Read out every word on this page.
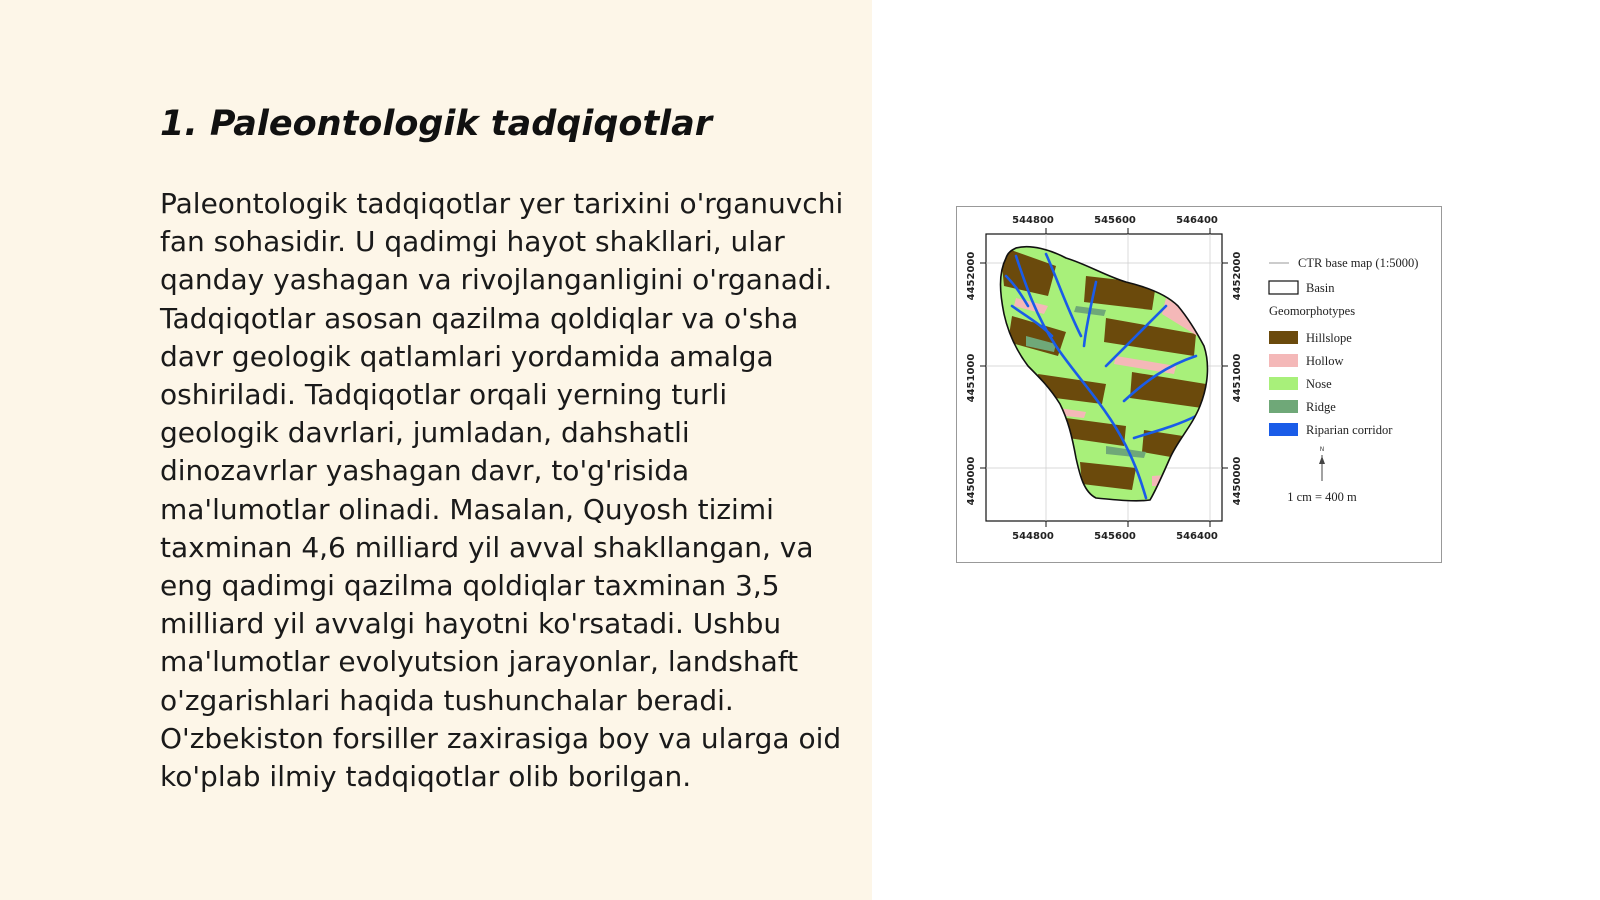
1. Paleontologik tadqiqotlar

Paleontologik tadqiqotlar yer tarixini o'rganuvchi fan sohasidir. U qadimgi hayot shakllari, ular qanday yashagan va rivojlanganligini o'rganadi. Tadqiqotlar asosan qazilma qoldiqlar va o'sha davr geologik qatlamlari yordamida amalga oshiriladi. Tadqiqotlar orqali yerning turli geologik davrlari, jumladan, dahshatli dinozavrlar yashagan davr, to'g'risida ma'lumotlar olinadi. Masalan, Quyosh tizimi taxminan 4,6 milliard yil avval shakllangan, va eng qadimgi qazilma qoldiqlar taxminan 3,5 milliard yil avvalgi hayotni ko'rsatadi. Ushbu ma'lumotlar evolyutsion jarayonlar, landshaft o'zgarishlari haqida tushunchalar beradi. O'zbekiston forsiller zaxirasiga boy va ularga oid ko'plab ilmiy tadqiqotlar olib borilgan.

544800	545600	546400
544800	545600	546400
4452000
4451000
4450000
4452000
4451000
4450000
CTR base map (1:5000)
Basin
Geomorphotypes
Hillslope
Hollow
Nose
Ridge
Riparian corridor
N
1 cm = 400 m
